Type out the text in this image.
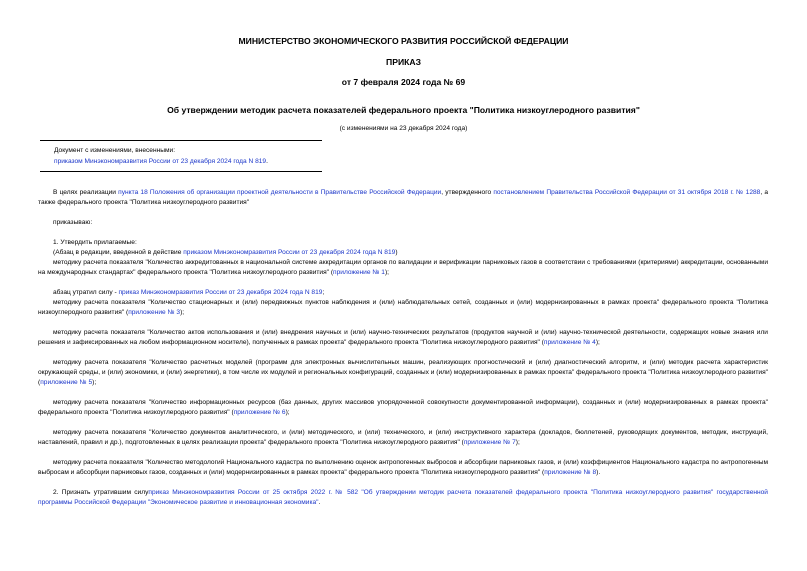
МИНИСТЕРСТВО ЭКОНОМИЧЕСКОГО РАЗВИТИЯ РОССИЙСКОЙ ФЕДЕРАЦИИ
ПРИКАЗ
от 7 февраля 2024 года № 69
Об утверждении методик расчета показателей федерального проекта "Политика низкоуглеродного развития"
(с изменениями на 23 декабря 2024 года)
Документ с изменениями, внесенными:
приказом Минэкономразвития России от 23 декабря 2024 года N 819.

В целях реализации пункта 18 Положения об организации проектной деятельности в Правительстве Российской Федерации, утвержденного постановлением Правительства Российской Федерации от 31 октября 2018 г. № 1288, а также федерального проекта "Политика низкоуглеродного развития"

приказываю:

1. Утвердить прилагаемые:

(Абзац в редакции, введенной в действие приказом Минэкономразвития России от 23 декабря 2024 года N 819)

методику расчета показателя "Количество аккредитованных в национальной системе аккредитации органов по валидации и верификации парниковых газов в соответствии с требованиями (критериями) аккредитации, основанными на международных стандартах" федерального проекта "Политика низкоуглеродного развития" (приложение № 1);

абзац утратил силу - приказ Минэкономразвития России от 23 декабря 2024 года N 819;

методику расчета показателя "Количество стационарных и (или) передвижных пунктов наблюдения и (или) наблюдательных сетей, созданных и (или) модернизированных в рамках проекта" федерального проекта "Политика низкоуглеродного развития" (приложение № 3);

методику расчета показателя "Количество актов использования и (или) внедрения научных и (или) научно-технических результатов (продуктов научной и (или) научно-технической деятельности, содержащих новые знания или решения и зафиксированных на любом информационном носителе), полученных в рамках проекта" федерального проекта "Политика низкоуглеродного развития" (приложение № 4);

методику расчета показателя "Количество расчетных моделей (программ для электронных вычислительных машин, реализующих прогностический и (или) диагностический алгоритм, и (или) методик расчета характеристик окружающей среды, и (или) экономики, и (или) энергетики), в том числе их модулей и региональных конфигураций, созданных и (или) модернизированных в рамках проекта" федерального проекта "Политика низкоуглеродного развития" (приложение № 5);

методику расчета показателя "Количество информационных ресурсов (баз данных, других массивов упорядоченной совокупности документированной информации), созданных и (или) модернизированных в рамках проекта" федерального проекта "Политика низкоуглеродного развития" (приложение № 6);

методику расчета показателя "Количество документов аналитического, и (или) методического, и (или) технического, и (или) инструктивного характера (докладов, бюллетеней, руководящих документов, методик, инструкций, наставлений, правил и др.), подготовленных в целях реализации проекта" федерального проекта "Политика низкоуглеродного развития" (приложение № 7);

методику расчета показателя "Количество методологий Национального кадастра по выполнению оценок антропогенных выбросов и абсорбции парниковых газов, и (или) коэффициентов Национального кадастра по антропогенным выбросам и абсорбции парниковых газов, созданных и (или) модернизированных в рамках проекта" федерального проекта "Политика низкоуглеродного развития" (приложение № 8).

2. Признать утратившим силуприказ Минэкономразвития России от 25 октября 2022 г. № 582 "Об утверждении методик расчета показателей федерального проекта "Политика низкоуглеродного развития" государственной программы Российской Федерации "Экономическое развитие и инновационная экономика".
